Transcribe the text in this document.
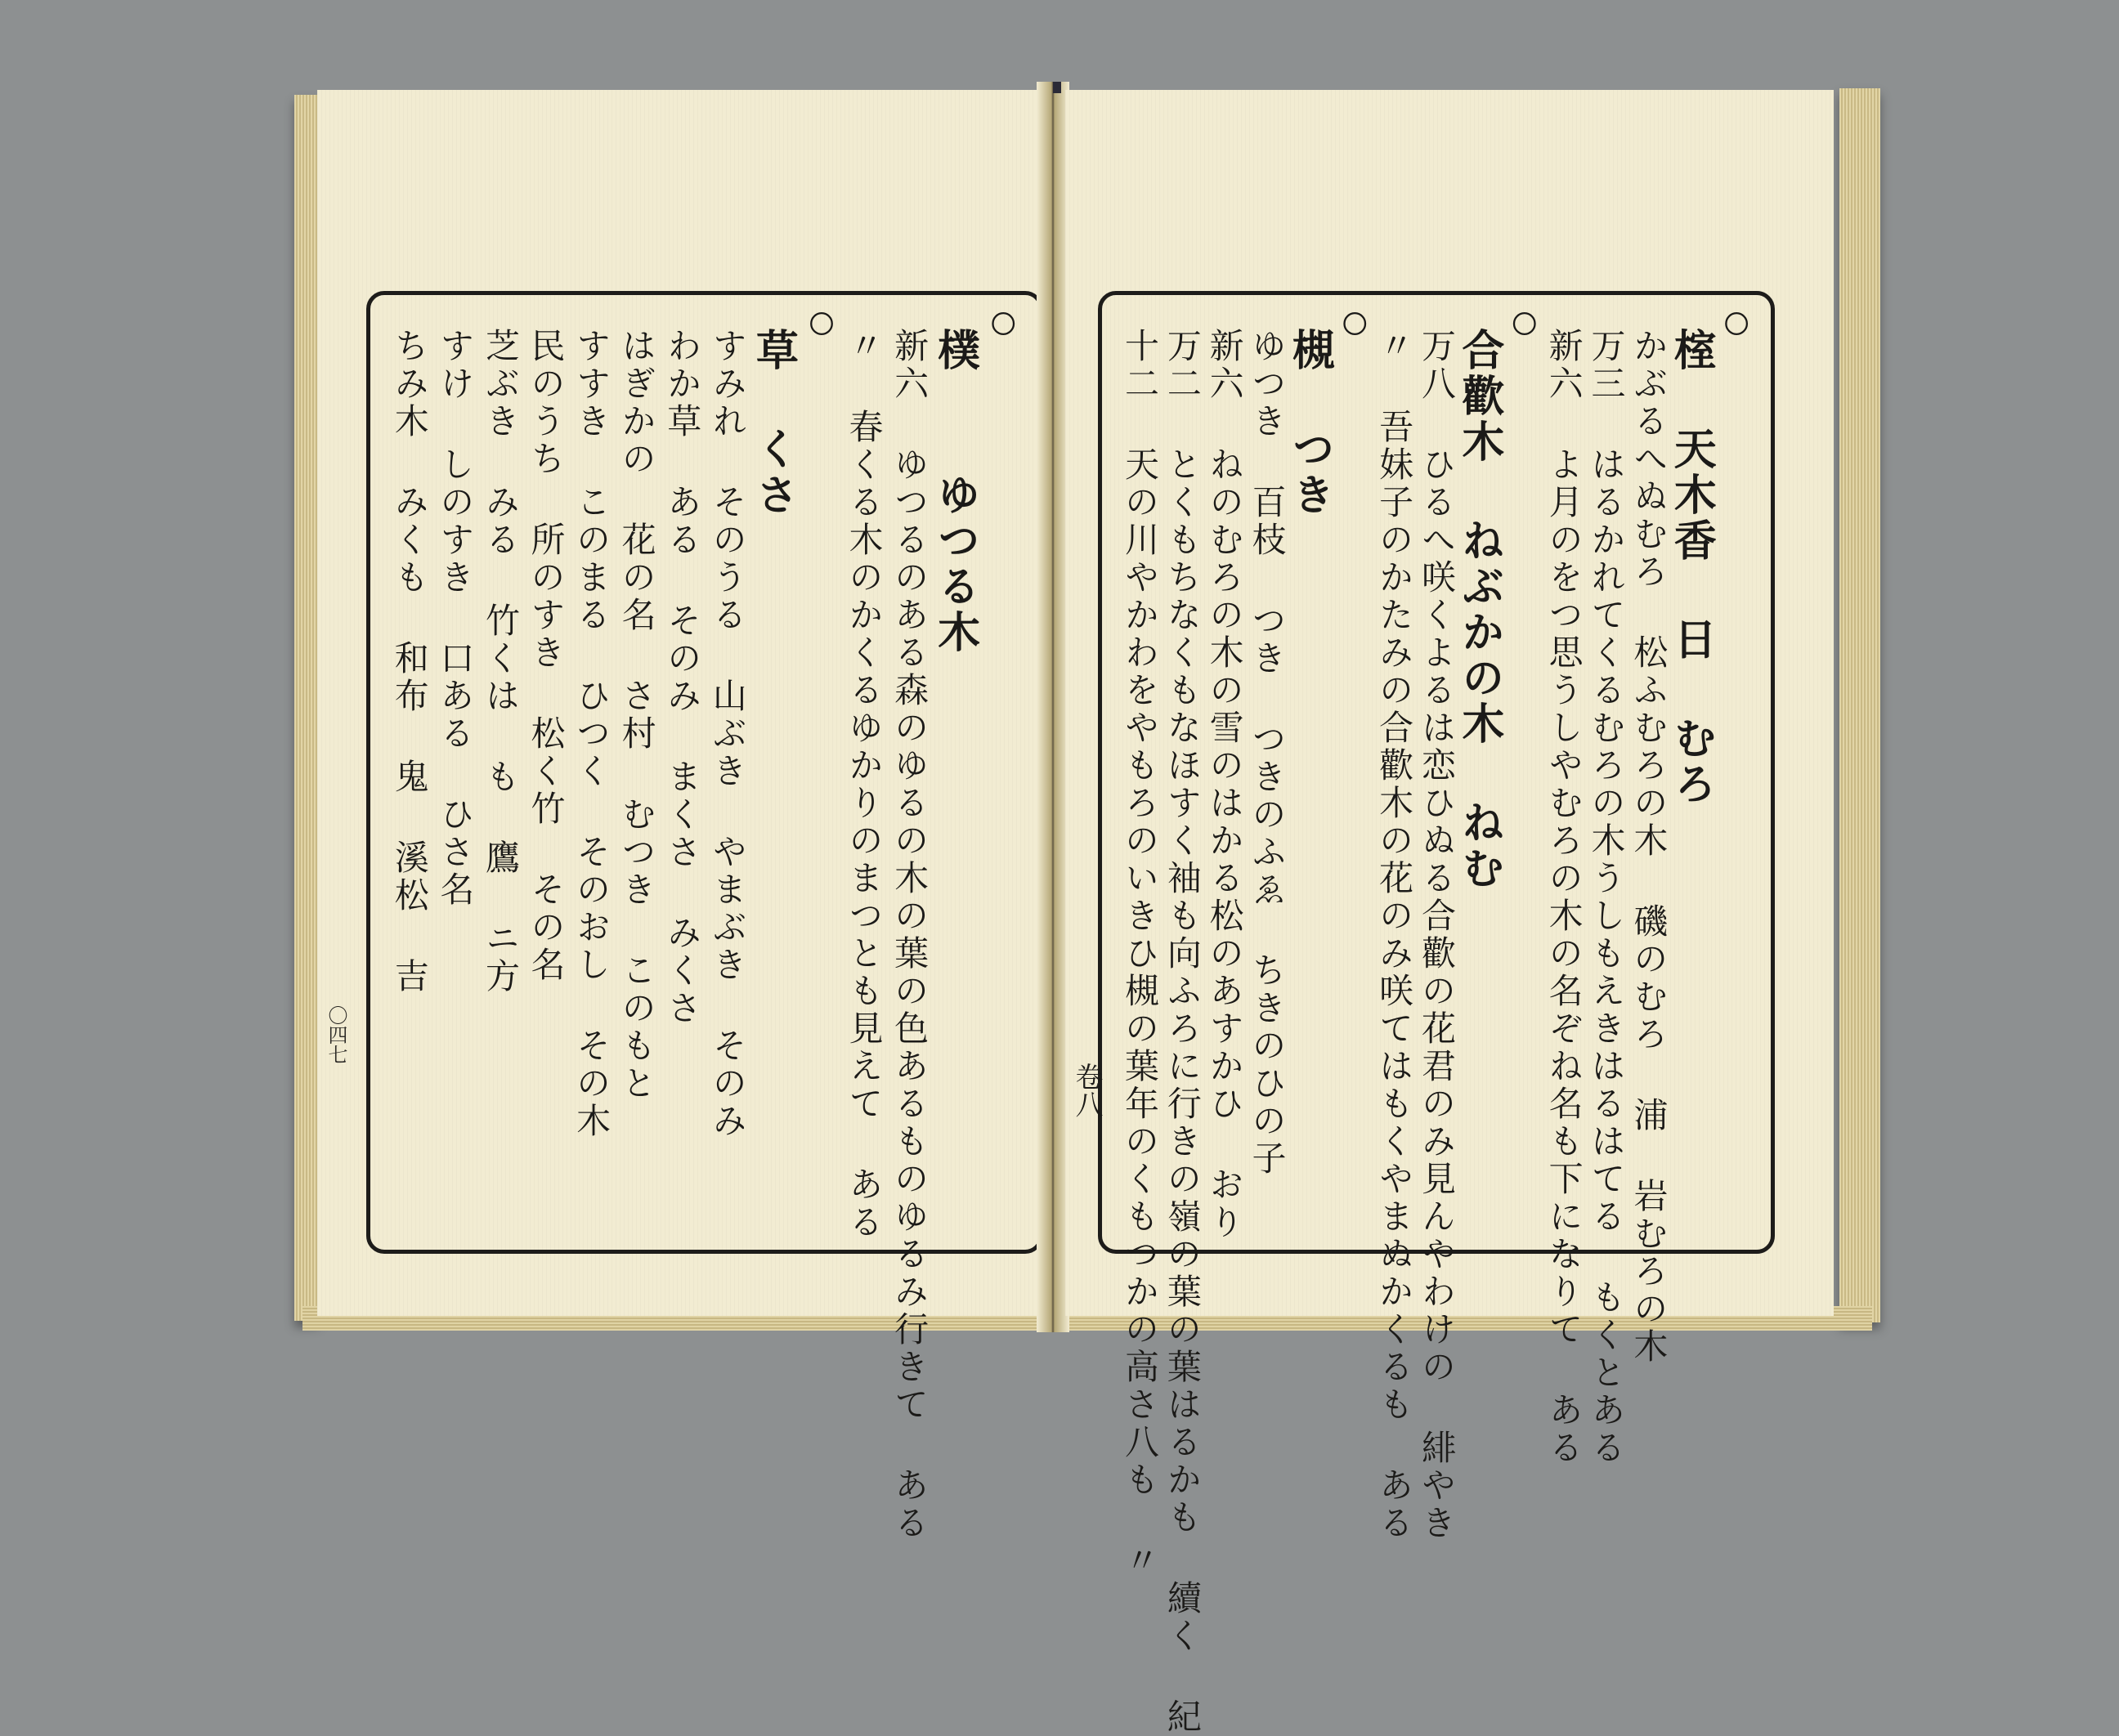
〇
樸 　ゆつる木
新六 ゆつるのある森のゆるの木の葉の色あるものゆるみ行きて ある
〃 春くる木のかくるゆかりのまつとも見えて ある
〇
草 くさ
すみれ そのうる 山ぶき やまぶき そのみ
わか草 ある そのみ まくさ みくさ
はぎかの 花の名 さ村 むつき このもと
すすき このまる ひつく そのおし その木
民のうち 所のすき 松く竹 その名
芝ぶき みる 竹くは も 鷹 ニ方
すけ しのすき 口ある ひさ名
ちみ木 みくも 和布 鬼 溪松 吉
〇四七
〇
榁 天木香 日 むろ
かぶるへぬむろ 松ふむろの木 磯のむろ 浦 岩むろの木
万三 はるかれてくるむろの木うしもえきはるはてる もくとある
新六 よ月のをつ思うしやむろの木の名ぞね名も下になりて ある
〇
合歡木 ねぶかの木 ねむ
万八 ひるへ咲くよるは恋ひぬる合歡の花君のみ見んやわけの 緋やき
〃 吾妹子のかたみの合歡木の花のみ咲てはもくやまぬかくるも ある
〇
槻 つき
ゆつき 百枝 つき つきのふゑ ちきのひの子
新六 ねのむろの木の雪のはかる松のあすかひ おり
万二 とくもちなくもなほすく袖も向ふろに行きの嶺の葉の葉はるかも 續く 紀
十二 天の川やかわをやもろのいきひ槻の葉年のくもつかの高さ八も 〃
卷八
